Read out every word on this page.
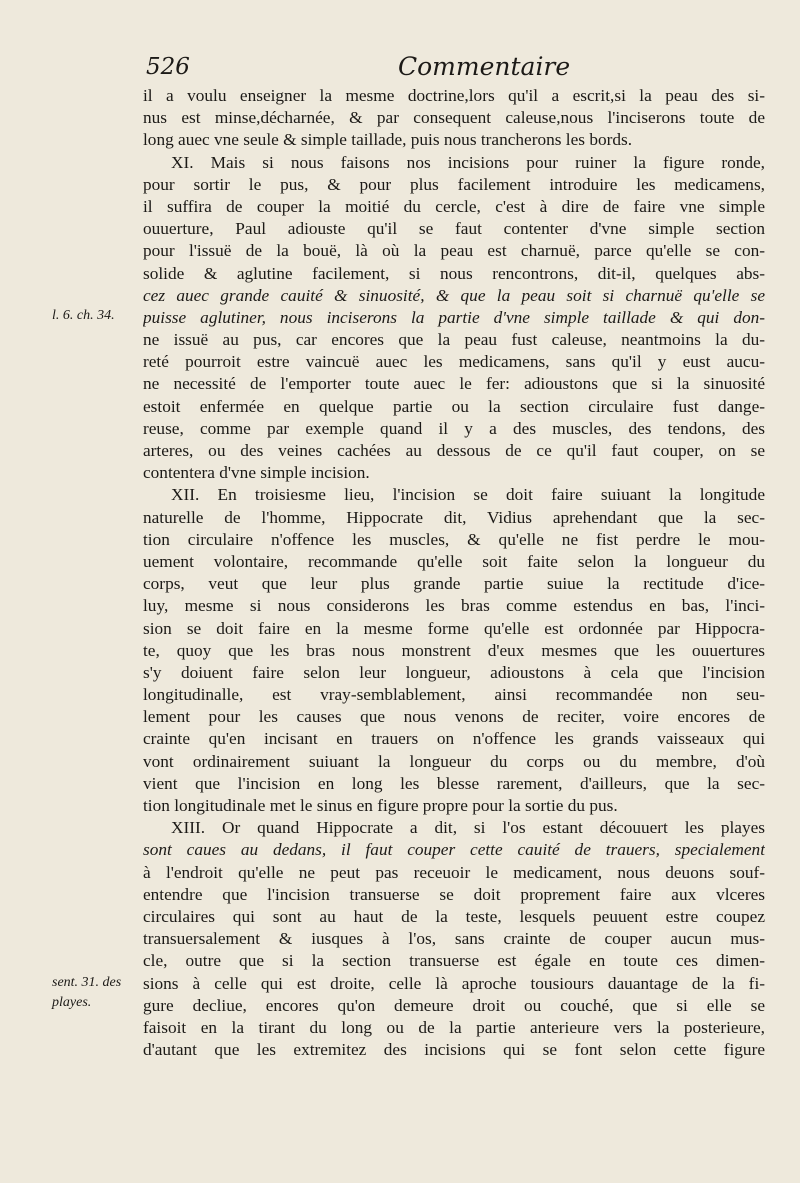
526	Commentaire
il a voulu enseigner la mesme doctrine,lors qu'il a escrit,si la peau des si-
nus est minse,décharnée, & par consequent caleuse,nous l'inciserons toute de
long auec vne seule & simple taillade, puis nous trancherons les bords.
XI. Mais si nous faisons nos incisions pour ruiner la figure ronde,
pour sortir le pus, & pour plus facilement introduire les medicamens,
il suffira de couper la moitié du cercle, c'est à dire de faire vne simple
ouuerture, Paul adiouste qu'il se faut contenter d'vne simple section
pour l'issuë de la bouë, là où la peau est charnuë, parce qu'elle se con-
solide & aglutine facilement, si nous rencontrons, dit-il, quelques abs-
cez auec grande cauité & sinuosité, & que la peau soit si charnuë qu'elle se
puisse aglutiner, nous inciserons la partie d'vne simple taillade & qui don-
ne issuë au pus, car encores que la peau fust caleuse, neantmoins la du-
reté pourroit estre vaincuë auec les medicamens, sans qu'il y eust aucu-
ne necessité de l'emporter toute auec le fer: adioustons que si la sinuosité
estoit enfermée en quelque partie ou la section circulaire fust dange-
reuse, comme par exemple quand il y a des muscles, des tendons, des
arteres, ou des veines cachées au dessous de ce qu'il faut couper, on se
contentera d'vne simple incision.
XII. En troisiesme lieu, l'incision se doit faire suiuant la longitude
naturelle de l'homme, Hippocrate dit, Vidius aprehendant que la sec-
tion circulaire n'offence les muscles, & qu'elle ne fist perdre le mou-
uement volontaire, recommande qu'elle soit faite selon la longueur du
corps, veut que leur plus grande partie suiue la rectitude d'ice-
luy, mesme si nous considerons les bras comme estendus en bas, l'inci-
sion se doit faire en la mesme forme qu'elle est ordonnée par Hippocra-
te, quoy que les bras nous monstrent d'eux mesmes que les ouuertures
s'y doiuent faire selon leur longueur, adioustons à cela que l'incision
longitudinalle, est vray-semblablement, ainsi recommandée non seu-
lement pour les causes que nous venons de reciter, voire encores de
crainte qu'en incisant en trauers on n'offence les grands vaisseaux qui
vont ordinairement suiuant la longueur du corps ou du membre, d'où
vient que l'incision en long les blesse rarement, d'ailleurs, que la sec-
tion longitudinale met le sinus en figure propre pour la sortie du pus.
XIII. Or quand Hippocrate a dit, si l'os estant découuert les playes
sont caues au dedans, il faut couper cette cauité de trauers, specialement
à l'endroit qu'elle ne peut pas receuoir le medicament, nous deuons souf-
entendre que l'incision transuerse se doit proprement faire aux vlceres
circulaires qui sont au haut de la teste, lesquels peuuent estre coupez
transuersalement & iusques à l'os, sans crainte de couper aucun mus-
cle, outre que si la section transuerse est égale en toute ces dimen-
sions à celle qui est droite, celle là aproche tousiours dauantage de la fi-
gure decliue, encores qu'on demeure droit ou couché, que si elle se
faisoit en la tirant du long ou de la partie anterieure vers la posterieure,
d'autant que les extremitez des incisions qui se font selon cette figure
l. 6. ch. 34.
sent. 31. des
playes.
